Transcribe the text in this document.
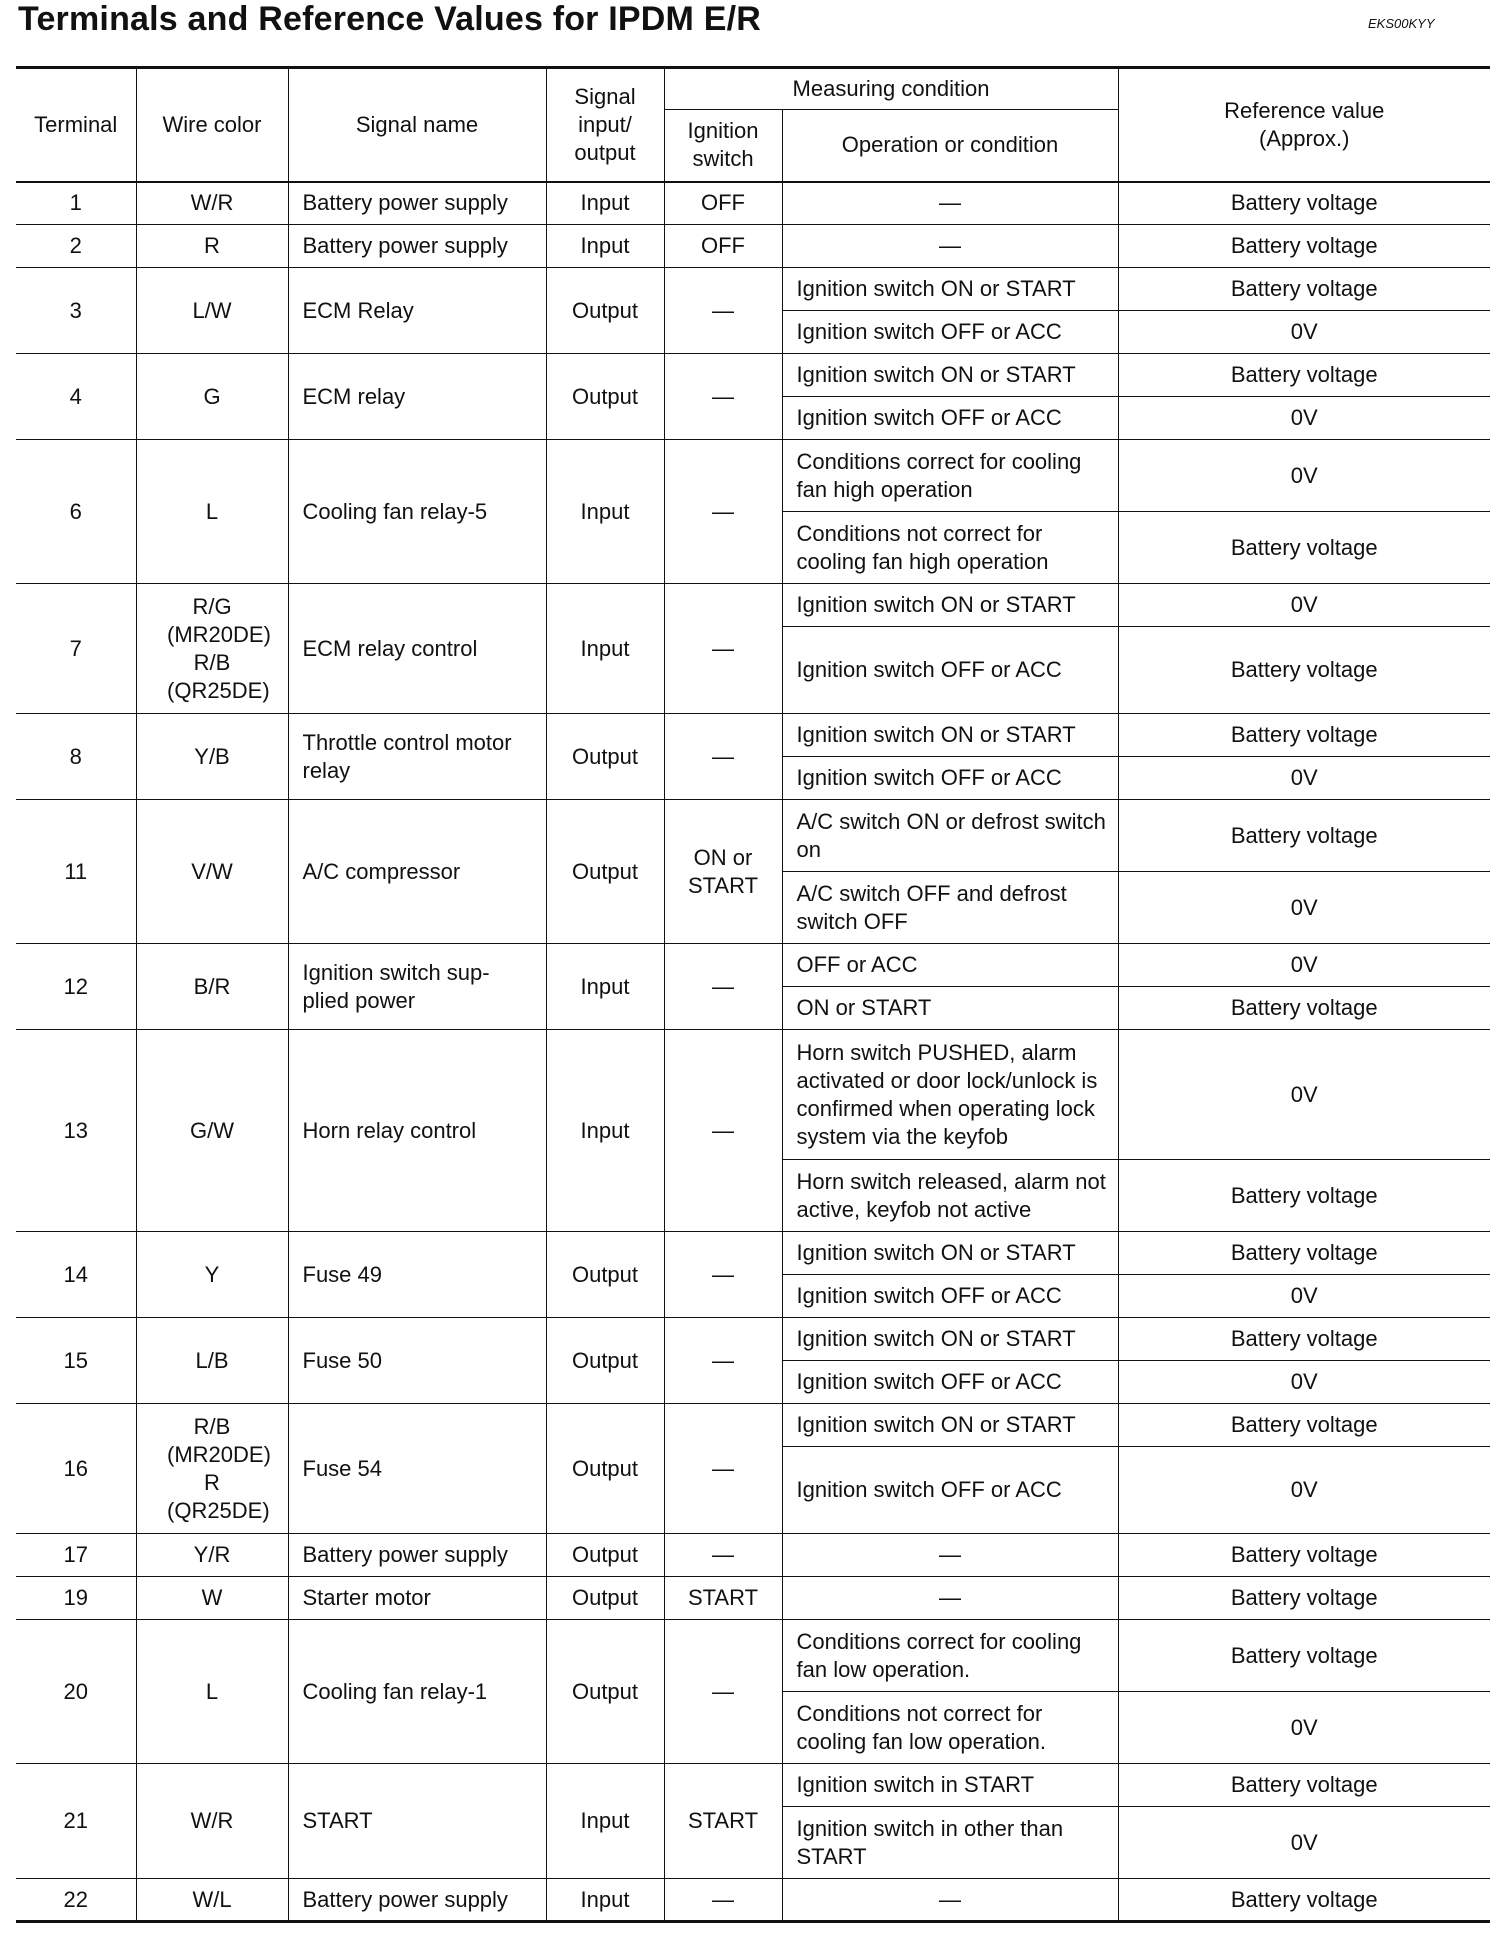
Terminals and Reference Values for IPDM E/R	EKS00KYY
Terminal	Wire color	Signal name	Signal input/ output	Measuring condition		Reference value (Approx.)
				Ignition switch	Operation or condition	
1	W/R	Battery power supply	Input	OFF	—	Battery voltage
2	R	Battery power supply	Input	OFF	—	Battery voltage
3	L/W	ECM Relay	Output	—	Ignition switch ON or START	Battery voltage
					Ignition switch OFF or ACC	0V
4	G	ECM relay	Output	—	Ignition switch ON or START	Battery voltage
					Ignition switch OFF or ACC	0V
6	L	Cooling fan relay-5	Input	—	Conditions correct for cooling fan high operation	0V
					Conditions not correct for cooling fan high operation	Battery voltage
7	R/G (MR20DE) R/B (QR25DE)	ECM relay control	Input	—	Ignition switch ON or START	0V
					Ignition switch OFF or ACC	Battery voltage
8	Y/B	Throttle control motor relay	Output	—	Ignition switch ON or START	Battery voltage
					Ignition switch OFF or ACC	0V
11	V/W	A/C compressor	Output	ON or START	A/C switch ON or defrost switch on	Battery voltage
					A/C switch OFF and defrost switch OFF	0V
12	B/R	Ignition switch sup-plied power	Input	—	OFF or ACC	0V
					ON or START	Battery voltage
13	G/W	Horn relay control	Input	—	Horn switch PUSHED, alarm activated or door lock/unlock is confirmed when operating lock system via the keyfob	0V
					Horn switch released, alarm not active, keyfob not active	Battery voltage
14	Y	Fuse 49	Output	—	Ignition switch ON or START	Battery voltage
					Ignition switch OFF or ACC	0V
15	L/B	Fuse 50	Output	—	Ignition switch ON or START	Battery voltage
					Ignition switch OFF or ACC	0V
16	R/B (MR20DE) R (QR25DE)	Fuse 54	Output	—	Ignition switch ON or START	Battery voltage
					Ignition switch OFF or ACC	0V
17	Y/R	Battery power supply	Output	—	—	Battery voltage
19	W	Starter motor	Output	START	—	Battery voltage
20	L	Cooling fan relay-1	Output	—	Conditions correct for cooling fan low operation.	Battery voltage
					Conditions not correct for cooling fan low operation.	0V
21	W/R	START	Input	START	Ignition switch in START	Battery voltage
					Ignition switch in other than START	0V
22	W/L	Battery power supply	Input	—	—	Battery voltage
